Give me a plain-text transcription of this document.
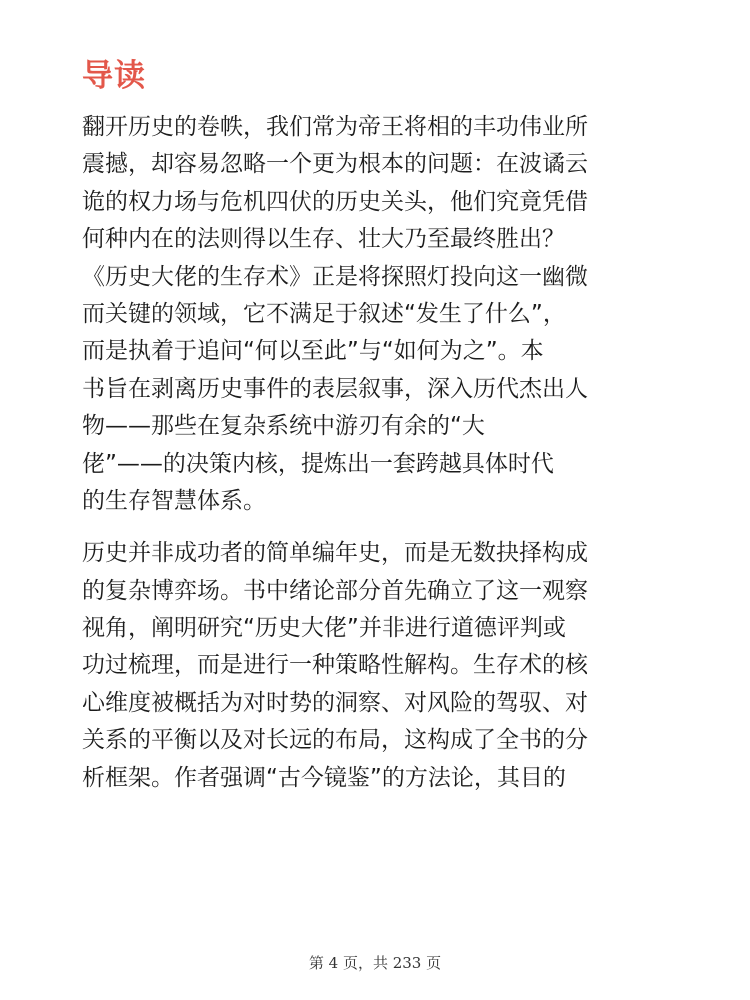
导读

翻开历史的卷帙，我们常为帝王将相的丰功伟业所
震撼，却容易忽略一个更为根本的问题：在波谲云
诡的权力场与危机四伏的历史关头，他们究竟凭借
何种内在的法则得以生存、壮大乃至最终胜出？
《历史大佬的生存术》正是将探照灯投向这一幽微
而关键的领域，它不满足于叙述“发生了什么”，
而是执着于追问“何以至此”与“如何为之”。本
书旨在剥离历史事件的表层叙事，深入历代杰出人
物——那些在复杂系统中游刃有余的“大
佬”——的决策内核，提炼出一套跨越具体时代
的生存智慧体系。

历史并非成功者的简单编年史，而是无数抉择构成
的复杂博弈场。书中绪论部分首先确立了这一观察
视角，阐明研究“历史大佬”并非进行道德评判或
功过梳理，而是进行一种策略性解构。生存术的核
心维度被概括为对时势的洞察、对风险的驾驭、对
关系的平衡以及对长远的布局，这构成了全书的分
析框架。作者强调“古今镜鉴”的方法论，其目的

第 4 页，共 233 页
